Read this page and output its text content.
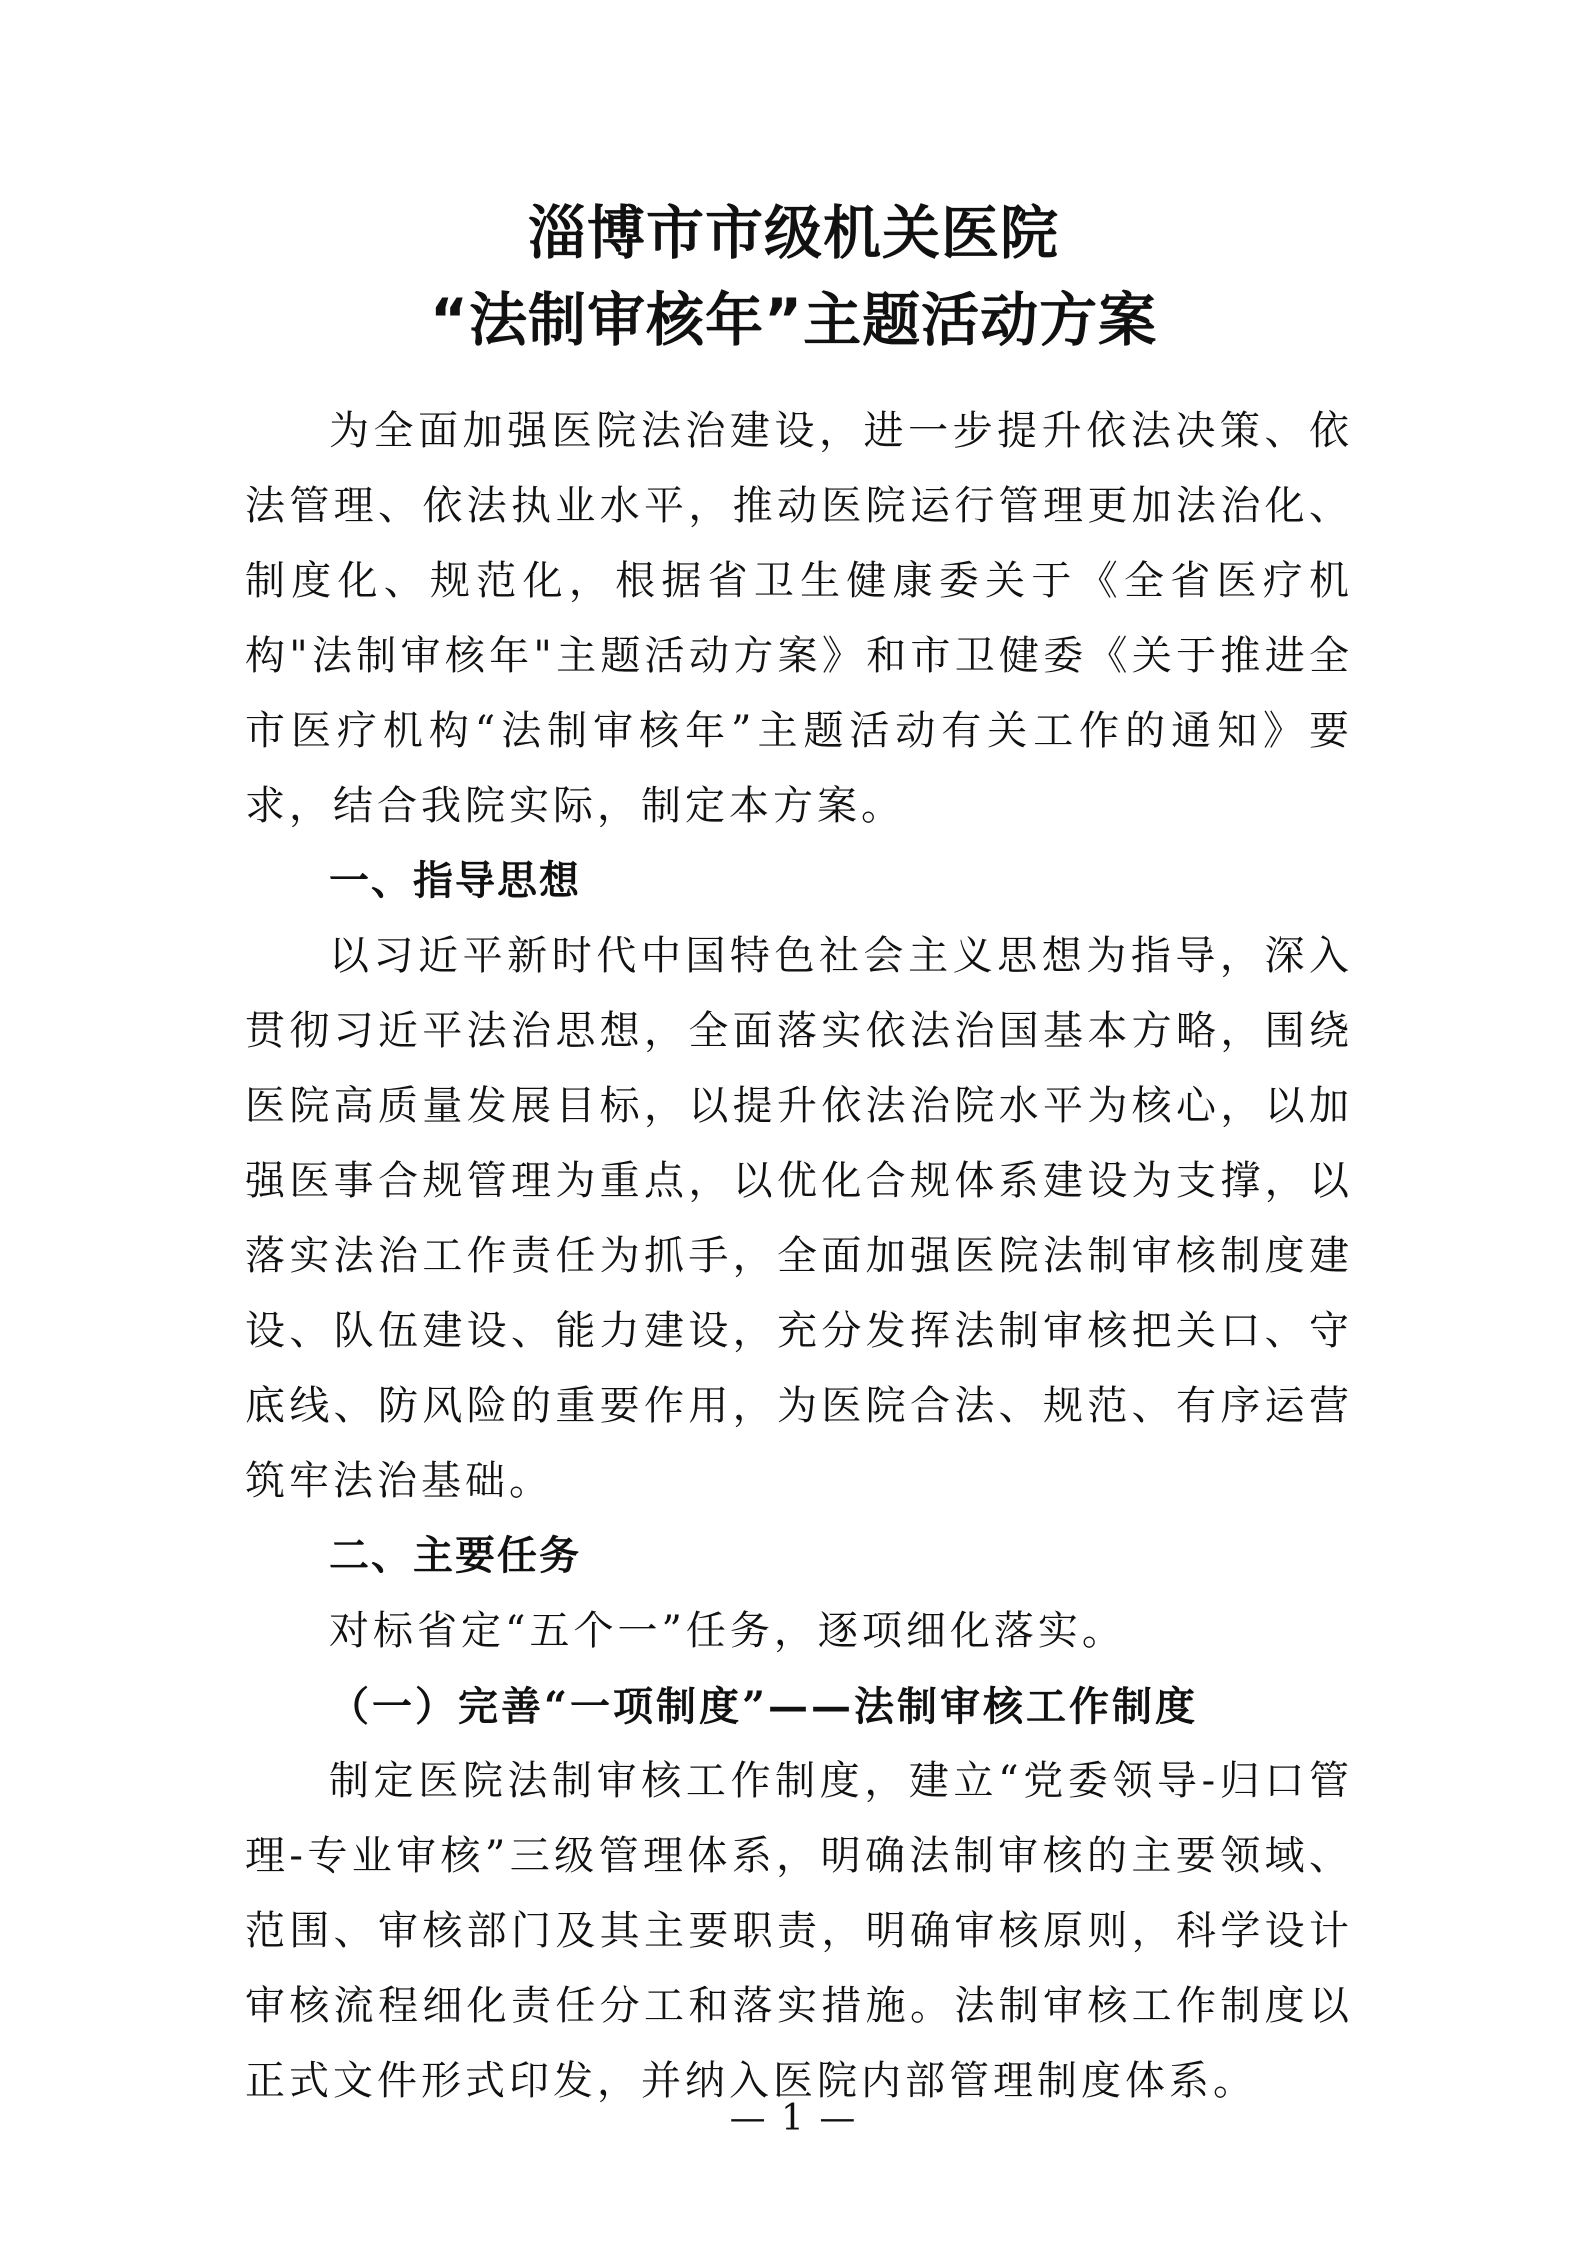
淄博市市级机关医院
“法制审核年”主题活动方案

为全面加强医院法治建设，进一步提升依法决策、依法管理、依法执业水平，推动医院运行管理更加法治化、制度化、规范化，根据省卫生健康委关于《全省医疗机构"法制审核年"主题活动方案》和市卫健委《关于推进全市医疗机构“法制审核年”主题活动有关工作的通知》要求，结合我院实际，制定本方案。

一、指导思想

以习近平新时代中国特色社会主义思想为指导，深入贯彻习近平法治思想，全面落实依法治国基本方略，围绕医院高质量发展目标，以提升依法治院水平为核心，以加强医事合规管理为重点，以优化合规体系建设为支撑，以落实法治工作责任为抓手，全面加强医院法制审核制度建设、队伍建设、能力建设，充分发挥法制审核把关口、守底线、防风险的重要作用，为医院合法、规范、有序运营筑牢法治基础。

二、主要任务

对标省定“五个一”任务，逐项细化落实。

（一）完善“一项制度”——法制审核工作制度

制定医院法制审核工作制度，建立“党委领导-归口管理-专业审核”三级管理体系，明确法制审核的主要领域、范围、审核部门及其主要职责，明确审核原则，科学设计审核流程细化责任分工和落实措施。法制审核工作制度以正式文件形式印发，并纳入医院内部管理制度体系。

— 1 —
